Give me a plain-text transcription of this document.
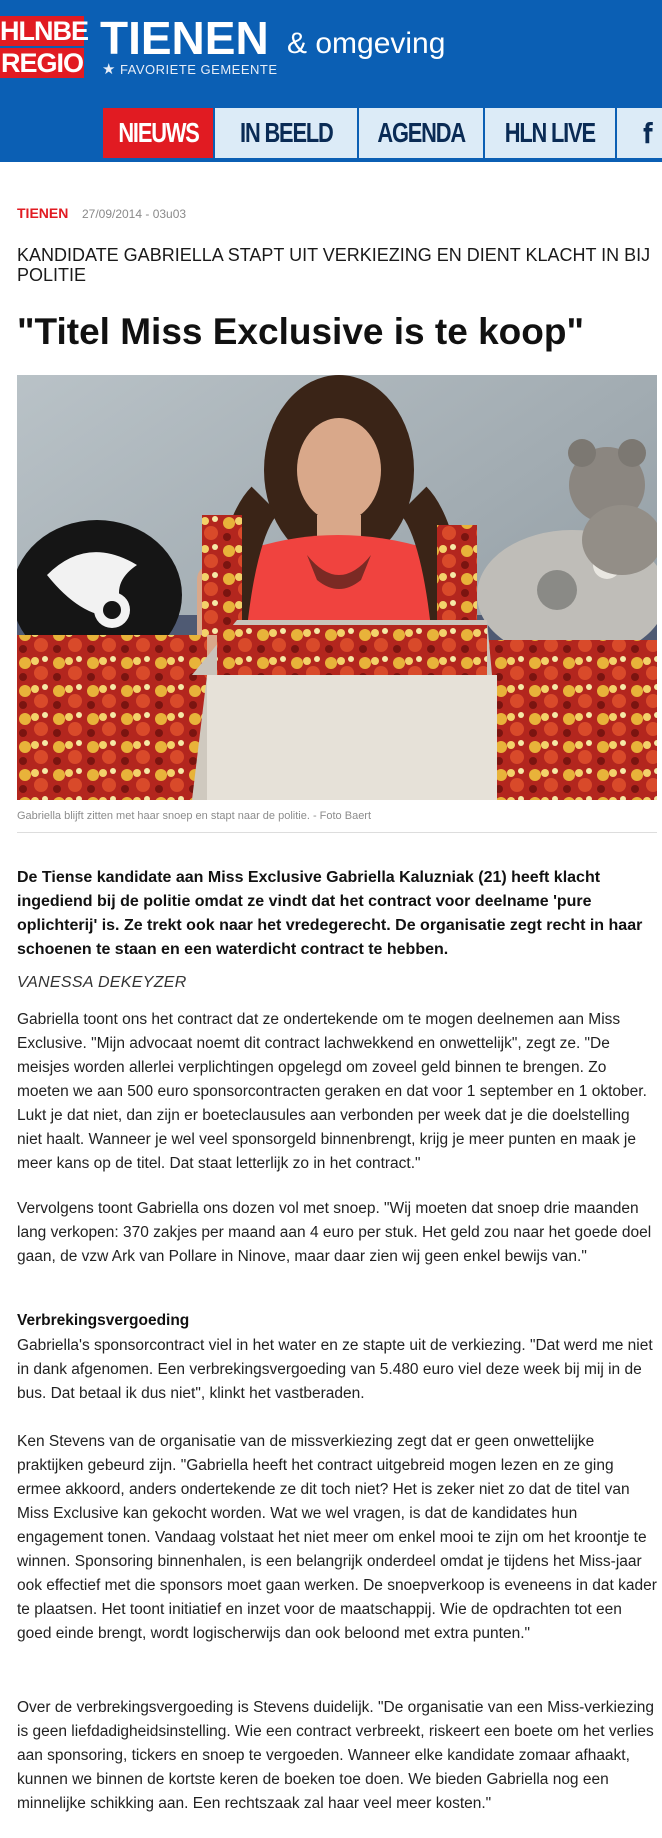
HLNBE
REGIO TIENEN & omgeving
★ FAVORIETE GEMEENTE
NIEUWS IN BEELD AGENDA HLN LIVE f
TIENEN 27/09/2014 - 03u03
KANDIDATE GABRIELLA STAPT UIT VERKIEZING EN DIENT KLACHT IN BIJ POLITIE
"Titel Miss Exclusive is te koop"
Gabriella blijft zitten met haar snoep en stapt naar de politie. - Foto Baert

De Tiense kandidate aan Miss Exclusive Gabriella Kaluzniak (21) heeft klacht ingediend bij de politie omdat ze vindt dat het contract voor deelname 'pure oplichterij' is. Ze trekt ook naar het vredegerecht. De organisatie zegt recht in haar schoenen te staan en een waterdicht contract te hebben.

VANESSA DEKEYZER

Gabriella toont ons het contract dat ze ondertekende om te mogen deelnemen aan Miss Exclusive. "Mijn advocaat noemt dit contract lachwekkend en onwettelijk", zegt ze. "De meisjes worden allerlei verplichtingen opgelegd om zoveel geld binnen te brengen. Zo moeten we aan 500 euro sponsorcontracten geraken en dat voor 1 september en 1 oktober. Lukt je dat niet, dan zijn er boeteclausules aan verbonden per week dat je die doelstelling niet haalt. Wanneer je wel veel sponsorgeld binnenbrengt, krijg je meer punten en maak je meer kans op de titel. Dat staat letterlijk zo in het contract."

Vervolgens toont Gabriella ons dozen vol met snoep. "Wij moeten dat snoep drie maanden lang verkopen: 370 zakjes per maand aan 4 euro per stuk. Het geld zou naar het goede doel gaan, de vzw Ark van Pollare in Ninove, maar daar zien wij geen enkel bewijs van."

Verbrekingsvergoeding

Gabriella's sponsorcontract viel in het water en ze stapte uit de verkiezing. "Dat werd me niet in dank afgenomen. Een verbrekingsvergoeding van 5.480 euro viel deze week bij mij in de bus. Dat betaal ik dus niet", klinkt het vastberaden.

Ken Stevens van de organisatie van de missverkiezing zegt dat er geen onwettelijke praktijken gebeurd zijn. "Gabriella heeft het contract uitgebreid mogen lezen en ze ging ermee akkoord, anders ondertekende ze dit toch niet? Het is zeker niet zo dat de titel van Miss Exclusive kan gekocht worden. Wat we wel vragen, is dat de kandidates hun engagement tonen. Vandaag volstaat het niet meer om enkel mooi te zijn om het kroontje te winnen. Sponsoring binnenhalen, is een belangrijk onderdeel omdat je tijdens het Miss-jaar ook effectief met die sponsors moet gaan werken. De snoepverkoop is eveneens in dat kader te plaatsen. Het toont initiatief en inzet voor de maatschappij. Wie de opdrachten tot een goed einde brengt, wordt logischerwijs dan ook beloond met extra punten."

Over de verbrekingsvergoeding is Stevens duidelijk. "De organisatie van een Miss-verkiezing is geen liefdadigheidsinstelling. Wie een contract verbreekt, riskeert een boete om het verlies aan sponsoring, tickers en snoep te vergoeden. Wanneer elke kandidate zomaar afhaakt, kunnen we binnen de kortste keren de boeken toe doen. We bieden Gabriella nog een minnelijke schikking aan. Een rechtszaak zal haar veel meer kosten."
